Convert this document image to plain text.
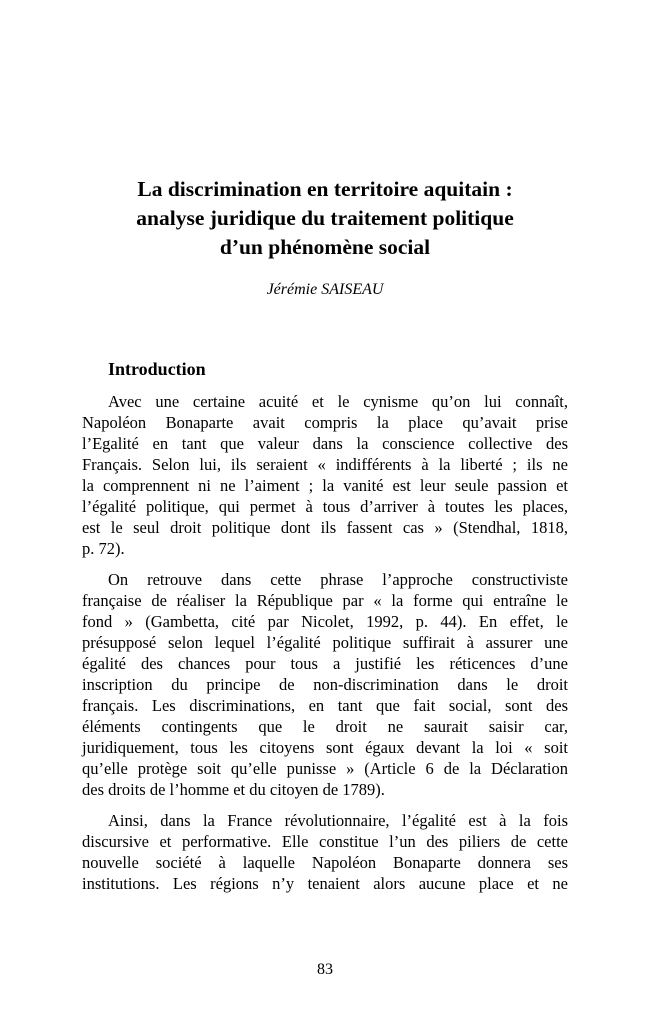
La discrimination en territoire aquitain :
analyse juridique du traitement politique
d’un phénomène social

Jérémie SAISEAU

Introduction

Avec une certaine acuité et le cynisme qu’on lui connaît,
Napoléon Bonaparte avait compris la place qu’avait prise
l’Egalité en tant que valeur dans la conscience collective des
Français. Selon lui, ils seraient « indifférents à la liberté ; ils ne
la comprennent ni ne l’aiment ; la vanité est leur seule passion et
l’égalité politique, qui permet à tous d’arriver à toutes les places,
est le seul droit politique dont ils fassent cas » (Stendhal, 1818,
p. 72).

On retrouve dans cette phrase l’approche constructiviste
française de réaliser la République par « la forme qui entraîne le
fond » (Gambetta, cité par Nicolet, 1992, p. 44). En effet, le
présupposé selon lequel l’égalité politique suffirait à assurer une
égalité des chances pour tous a justifié les réticences d’une
inscription du principe de non-discrimination dans le droit
français. Les discriminations, en tant que fait social, sont des
éléments contingents que le droit ne saurait saisir car,
juridiquement, tous les citoyens sont égaux devant la loi « soit
qu’elle protège soit qu’elle punisse » (Article 6 de la Déclaration
des droits de l’homme et du citoyen de 1789).

Ainsi, dans la France révolutionnaire, l’égalité est à la fois
discursive et performative. Elle constitue l’un des piliers de cette
nouvelle société à laquelle Napoléon Bonaparte donnera ses
institutions. Les régions n’y tenaient alors aucune place et ne

83
